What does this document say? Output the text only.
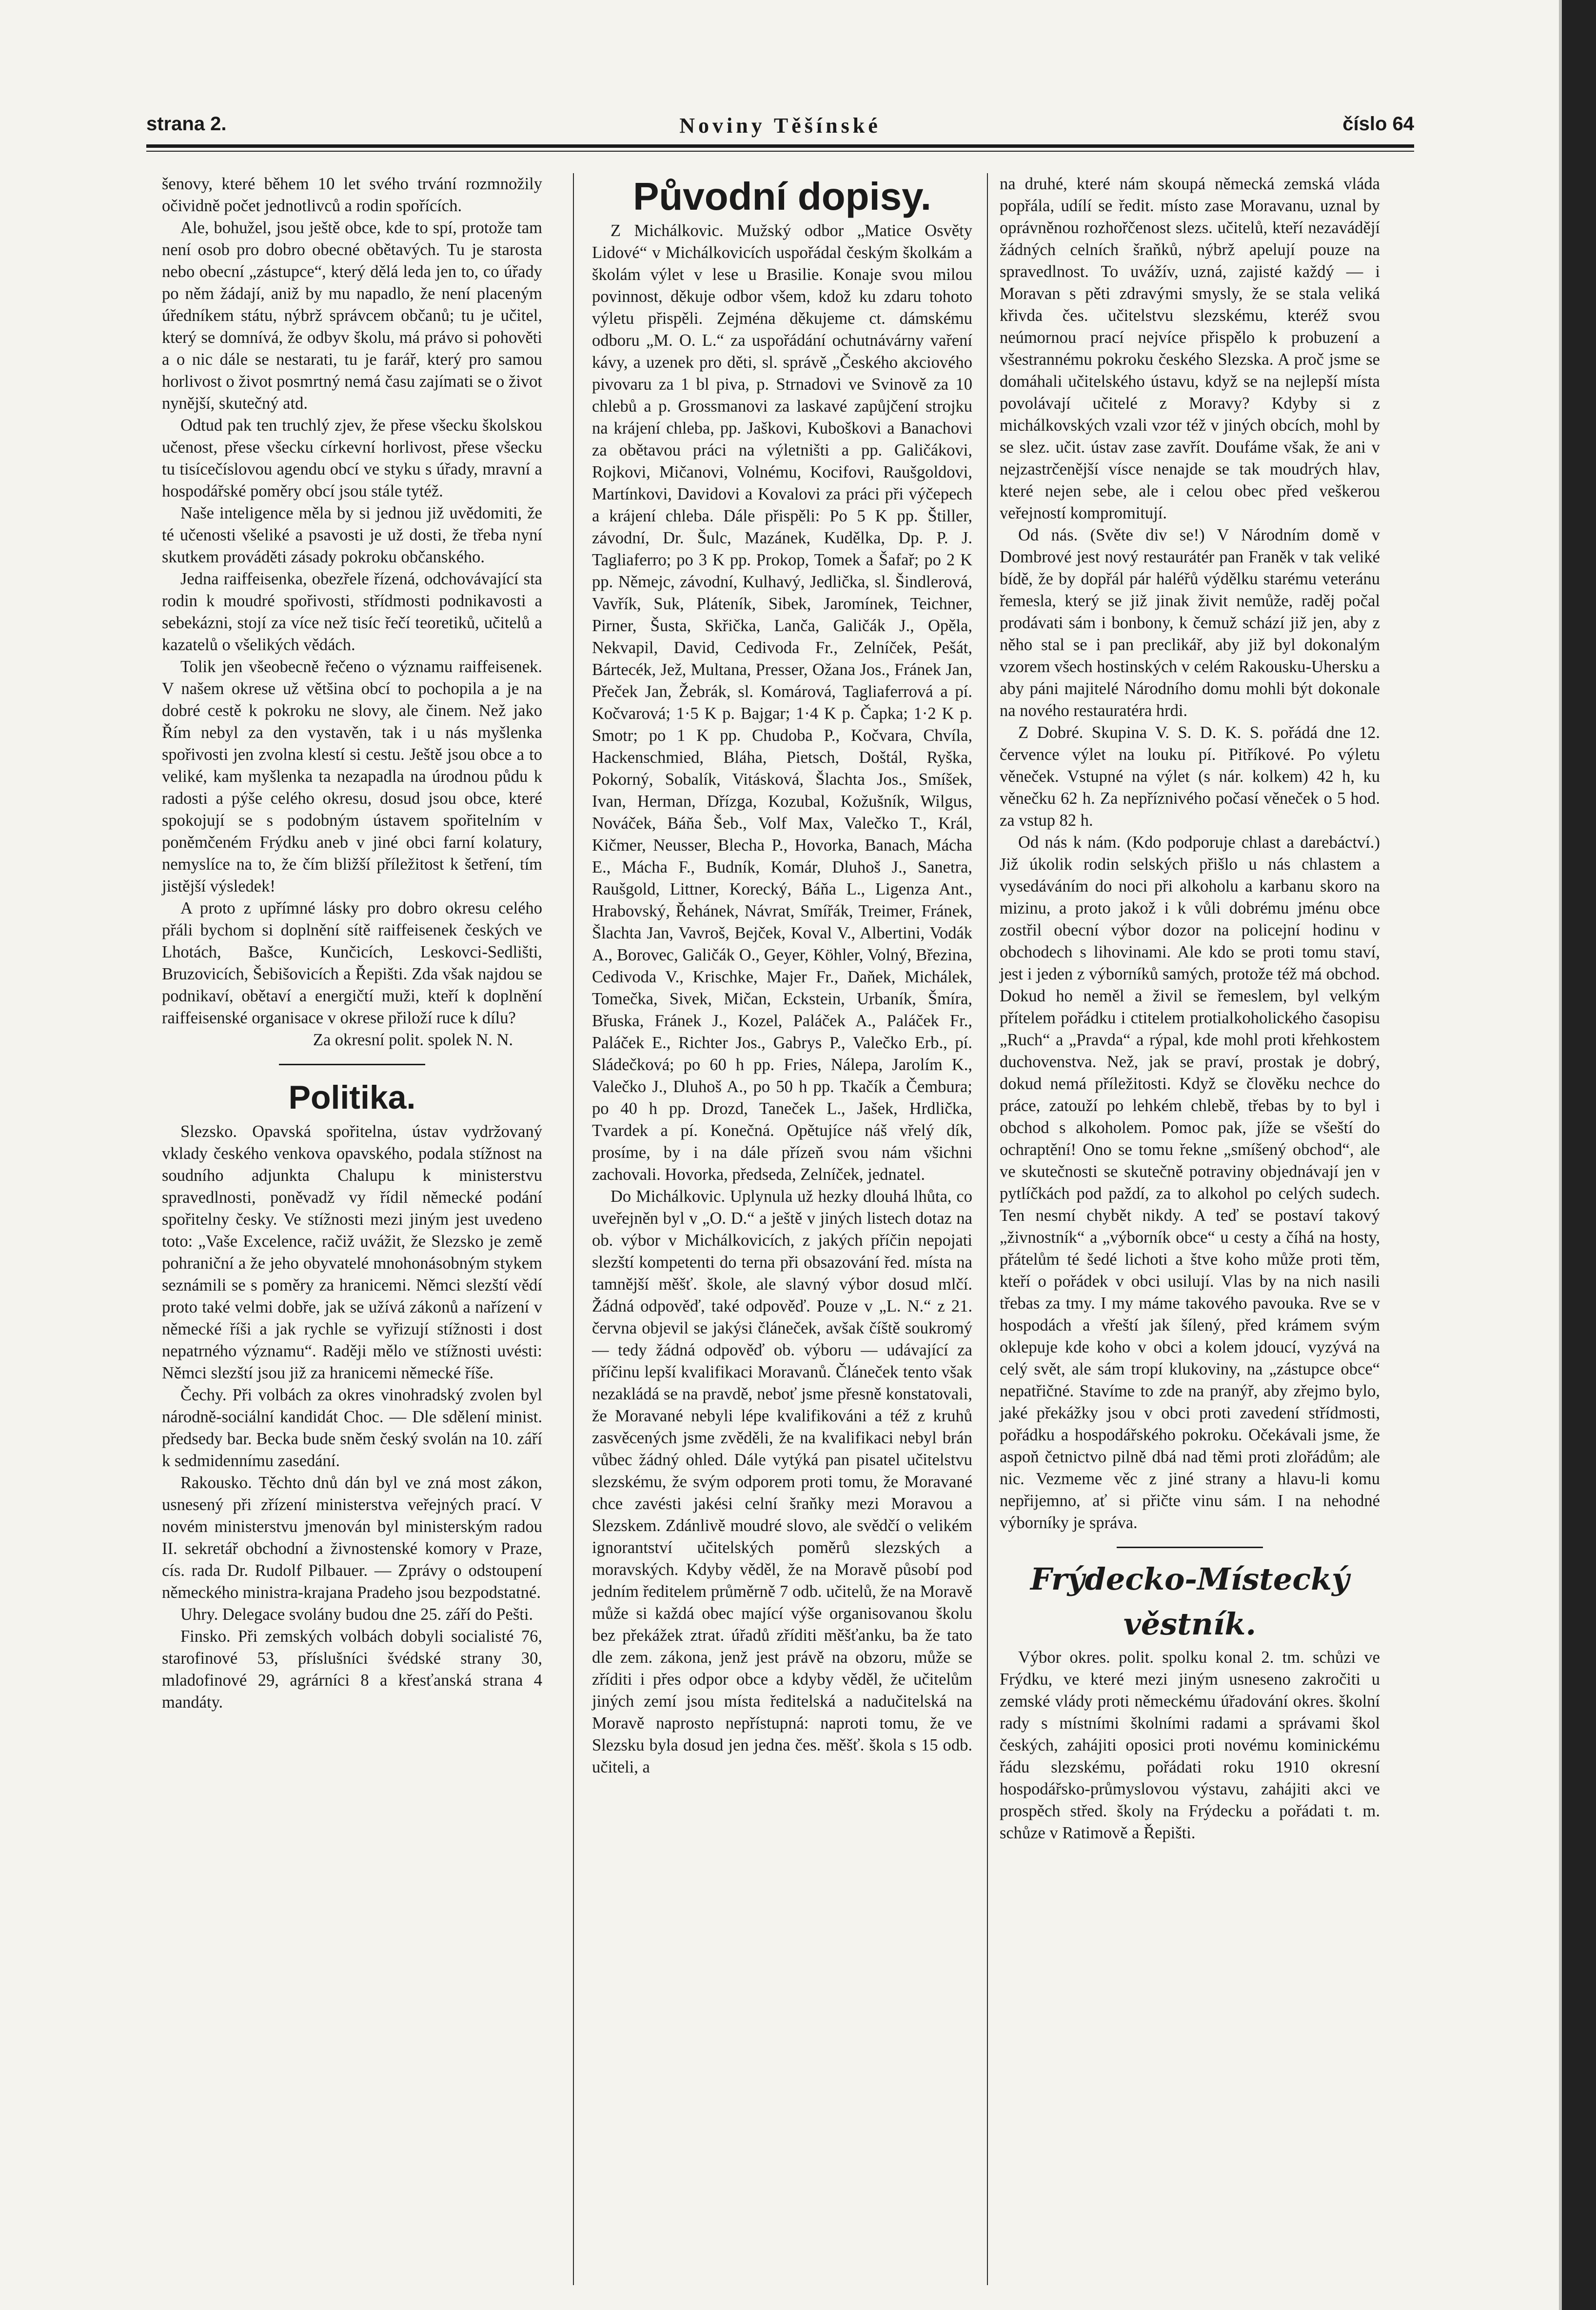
Noviny Těšínské
strana 2.	číslo 64

šenovy, které během 10 let svého trvání rozmnožily očividně počet jednotlivců a rodin spořících.

Ale, bohužel, jsou ještě obce, kde to spí, protože tam není osob pro dobro obecné obětavých. Tu je starosta nebo obecní „zástupce“, který dělá leda jen to, co úřady po něm žádají, aniž by mu napadlo, že není placeným úředníkem státu, nýbrž správcem občanů; tu je učitel, který se domnívá, že odbyv školu, má právo si pohověti a o nic dále se nestarati, tu je farář, který pro samou horlivost o život posmrtný nemá času zajímati se o život nynější, skutečný atd.

Odtud pak ten truchlý zjev, že přese všecku školskou učenost, přese všecku církevní horlivost, přese všecku tu tisícečíslovou agendu obcí ve styku s úřady, mravní a hospodářské poměry obcí jsou stále tytéž.

Naše inteligence měla by si jednou již uvědomiti, že té učenosti všeliké a psavosti je už dosti, že třeba nyní skutkem prováděti zásady pokroku občanského.

Jedna raiffeisenka, obezřele řízená, odchovávající sta rodin k moudré spořivosti, střídmosti podnikavosti a sebekázni, stojí za více než tisíc řečí teoretiků, učitelů a kazatelů o všelikých vědách.

Tolik jen všeobecně řečeno o významu raiffeisenek. V našem okrese už většina obcí to pochopila a je na dobré cestě k pokroku ne slovy, ale činem. Než jako Řím nebyl za den vystavěn, tak i u nás myšlenka spořivosti jen zvolna klestí si cestu. Ještě jsou obce a to veliké, kam myšlenka ta nezapadla na úrodnou půdu k radosti a pýše celého okresu, dosud jsou obce, které spokojují se s podobným ústavem spořitelním v poněmčeném Frýdku aneb v jiné obci farní kolatury, nemyslíce na to, že čím bližší příležitost k šetření, tím jistější výsledek!

A proto z upřímné lásky pro dobro okresu celého přáli bychom si doplnění sítě raiffeisenek českých ve Lhotách, Bašce, Kunčicích, Leskovci-Sedlišti, Bruzovicích, Šebišovicích a Řepišti. Zda však najdou se podnikaví, obětaví a energičtí muži, kteří k doplnění raiffeisenské organisace v okrese přiloží ruce k dílu?

Za okresní polit. spolek N. N.

Politika.

Slezsko. Opavská spořitelna, ústav vydržovaný vklady českého venkova opavského, podala stížnost na soudního adjunkta Chalupu k ministerstvu spravedlnosti, poněvadž vy řídil německé podání spořitelny česky. Ve stížnosti mezi jiným jest uvedeno toto: „Vaše Excelence, račiž uvážit, že Slezsko je země pohraniční a že jeho obyvatelé mnohonásobným stykem seznámili se s poměry za hranicemi. Němci slezští vědí proto také velmi dobře, jak se užívá zákonů a nařízení v německé říši a jak rychle se vyřizují stížnosti i dost nepatrného významu“. Raději mělo ve stížnosti uvésti: Němci slezští jsou již za hranicemi německé říše.

Čechy. Při volbách za okres vinohradský zvolen byl národně-sociální kandidát Choc. — Dle sdělení minist. předsedy bar. Becka bude sněm český svolán na 10. září k sedmidennímu zasedání.

Rakousko. Těchto dnů dán byl ve zná most zákon, usnesený při zřízení ministerstva veřejných prací. V novém ministerstvu jmenován byl ministerským radou II. sekretář obchodní a živnostenské komory v Praze, cís. rada Dr. Rudolf Pilbauer. — Zprávy o odstoupení německého ministra-krajana Pradeho jsou bezpodstatné.

Uhry. Delegace svolány budou dne 25. září do Pešti.

Finsko. Při zemských volbách dobyli socialisté 76, starofinové 53, příslušníci švédské strany 30, mladofinové 29, agrárníci 8 a křesťanská strana 4 mandáty.

Původní dopisy.

Z Michálkovic. Mužský odbor „Matice Osvěty Lidové“ v Michálkovicích uspořádal českým školkám a školám výlet v lese u Brasilie. Konaje svou milou povinnost, děkuje odbor všem, kdož ku zdaru tohoto výletu přispěli. Zejména děkujeme ct. dámskému odboru „M. O. L.“ za uspořádání ochutnávárny vaření kávy, a uzenek pro děti, sl. správě „Českého akciového pivovaru za 1 bl piva, p. Strnadovi ve Svinově za 10 chlebů a p. Grossmanovi za laskavé zapůjčení strojku na krájení chleba, pp. Jaškovi, Kuboškovi a Banachovi za obětavou práci na výletništi a pp. Galičákovi, Rojkovi, Mičanovi, Volnému, Kocifovi, Raušgoldovi, Martínkovi, Davidovi a Kovalovi za práci při výčepech a krájení chleba. Dále přispěli: Po 5 K pp. Štiller, závodní, Dr. Šulc, Mazánek, Kudělka, Dp. P. J. Tagliaferro; po 3 K pp. Prokop, Tomek a Šafař; po 2 K pp. Němejc, závodní, Kulhavý, Jedlička, sl. Šindlerová, Vavřík, Suk, Pláteník, Sibek, Jaromínek, Teichner, Pirner, Šusta, Skřička, Lanča, Galičák J., Opěla, Nekvapil, David, Cedivoda Fr., Zelníček, Pešát, Bártecék, Jež, Multana, Presser, Ožana Jos., Fránek Jan, Přeček Jan, Žebrák, sl. Komárová, Tagliaferrová a pí. Kočvarová; 1·5 K p. Bajgar; 1·4 K p. Čapka; 1·2 K p. Smotr; po 1 K pp. Chudoba P., Kočvara, Chvíla, Hackenschmied, Bláha, Pietsch, Doštál, Ryška, Pokorný, Sobalík, Vitásková, Šlachta Jos., Smíšek, Ivan, Herman, Dřízga, Kozubal, Kožušník, Wilgus, Nováček, Báňa Šeb., Volf Max, Valečko T., Král, Kičmer, Neusser, Blecha P., Hovorka, Banach, Mácha E., Mácha F., Budník, Komár, Dluhoš J., Sanetra, Raušgold, Littner, Korecký, Báňa L., Ligenza Ant., Hrabovský, Řehánek, Návrat, Smířák, Treimer, Fránek, Šlachta Jan, Vavroš, Bejček, Koval V., Albertini, Vodák A., Borovec, Galičák O., Geyer, Köhler, Volný, Březina, Cedivoda V., Krischke, Majer Fr., Daňek, Michálek, Tomečka, Sivek, Mičan, Eckstein, Urbaník, Šmíra, Břuska, Fránek J., Kozel, Paláček A., Paláček Fr., Paláček E., Richter Jos., Gabrys P., Valečko Erb., pí. Sládečková; po 60 h pp. Fries, Nálepa, Jarolím K., Valečko J., Dluhoš A., po 50 h pp. Tkačík a Čembura; po 40 h pp. Drozd, Taneček L., Jašek, Hrdlička, Tvardek a pí. Konečná. Opětujíce náš vřelý dík, prosíme, by i na dále přízeň svou nám všichni zachovali. Hovorka, předseda, Zelníček, jednatel.

Do Michálkovic. Uplynula už hezky dlouhá lhůta, co uveřejněn byl v „O. D.“ a ještě v jiných listech dotaz na ob. výbor v Michálkovicích, z jakých příčin nepojati slezští kompetenti do terna při obsazování řed. místa na tamnější měšť. škole, ale slavný výbor dosud mlčí. Žádná odpověď, také odpověď. Pouze v „L. N.“ z 21. června objevil se jakýsi článeček, avšak číště soukromý — tedy žádná odpověď ob. výboru — udávající za příčinu lepší kvalifikaci Moravanů. Článeček tento však nezakládá se na pravdě, neboť jsme přesně konstatovali, že Moravané nebyli lépe kvalifikováni a též z kruhů zasvěcených jsme zvěděli, že na kvalifikaci nebyl brán vůbec žádný ohled. Dále vytýká pan pisatel učitelstvu slezskému, že svým odporem proti tomu, že Moravané chce zavésti jakési celní šraňky mezi Moravou a Slezskem. Zdánlivě moudré slovo, ale svědčí o velikém ignorantství učitelských poměrů slezských a moravských. Kdyby věděl, že na Moravě působí pod jedním ředitelem průměrně 7 odb. učitelů, že na Moravě může si každá obec mající výše organisovanou školu bez překážek ztrat. úřadů zříditi měšťanku, ba že tato dle zem. zákona, jenž jest právě na obzoru, může se zříditi i přes odpor obce a kdyby věděl, že učitelům jiných zemí jsou místa ředitelská a nadučitelská na Moravě naprosto nepřístupná: naproti tomu, že ve Slezsku byla dosud jen jedna čes. měšť. škola s 15 odb. učiteli, a

na druhé, které nám skoupá německá zemská vláda popřála, udílí se ředit. místo zase Moravanu, uznal by oprávněnou rozhořčenost slezs. učitelů, kteří nezavádějí žádných celních šraňků, nýbrž apelují pouze na spravedlnost. To uvážív, uzná, zajisté každý — i Moravan s pěti zdravými smysly, že se stala veliká křivda čes. učitelstvu slezskému, kteréž svou neúmornou prací nejvíce přispělo k probuzení a všestrannému pokroku českého Slezska. A proč jsme se domáhali učitelského ústavu, když se na nejlepší místa povolávají učitelé z Moravy? Kdyby si z michálkovských vzali vzor též v jiných obcích, mohl by se slez. učit. ústav zase zavřít. Doufáme však, že ani v nejzastrčenější vísce nenajde se tak moudrých hlav, které nejen sebe, ale i celou obec před veškerou veřejností kompromitují.

Od nás. (Světe div se!) V Národním domě v Dombrové jest nový restaurátér pan Franěk v tak veliké bídě, že by dopřál pár haléřů výdělku starému veteránu řemesla, který se již jinak živit nemůže, raděj počal prodávati sám i bonbony, k čemuž schází již jen, aby z něho stal se i pan preclikář, aby již byl dokonalým vzorem všech hostinských v celém Rakousku-Uhersku a aby páni majitelé Národního domu mohli být dokonale na nového restauratéra hrdi.

Z Dobré. Skupina V. S. D. K. S. pořádá dne 12. července výlet na louku pí. Pitříkové. Po výletu věneček. Vstupné na výlet (s nár. kolkem) 42 h, ku věnečku 62 h. Za nepříznivého počasí věneček o 5 hod. za vstup 82 h.

Od nás k nám. (Kdo podporuje chlast a darebáctví.) Již úkolik rodin selských přišlo u nás chlastem a vysedáváním do noci při alkoholu a karbanu skoro na mizinu, a proto jakož i k vůli dobrému jménu obce zostřil obecní výbor dozor na policejní hodinu v obchodech s lihovinami. Ale kdo se proti tomu staví, jest i jeden z výborníků samých, protože též má obchod. Dokud ho neměl a živil se řemeslem, byl velkým přítelem pořádku i ctitelem protialkoholického časopisu „Ruch“ a „Pravda“ a rýpal, kde mohl proti křehkostem duchovenstva. Než, jak se praví, prostak je dobrý, dokud nemá příležitosti. Když se člověku nechce do práce, zatouží po lehkém chlebě, třebas by to byl i obchod s alkoholem. Pomoc pak, jíže se všeští do ochraptění! Ono se tomu řekne „smíšený obchod“, ale ve skutečnosti se skutečně potraviny objednávají jen v pytlíčkách pod paždí, za to alkohol po celých sudech. Ten nesmí chybět nikdy. A teď se postaví takový „živnostník“ a „výborník obce“ u cesty a číhá na hosty, přátelům té šedé lichoti a štve koho může proti těm, kteří o pořádek v obci usilují. Vlas by na nich nasili třebas za tmy. I my máme takového pavouka. Rve se v hospodách a vřeští jak šílený, před krámem svým oklepuje kde koho v obci a kolem jdoucí, vyzývá na celý svět, ale sám tropí klukoviny, na „zástupce obce“ nepatřičné. Stavíme to zde na pranýř, aby zřejmo bylo, jaké překážky jsou v obci proti zavedení střídmosti, pořádku a hospodářského pokroku. Očekávali jsme, že aspoň četnictvo pilně dbá nad těmi proti zlořádům; ale nic. Vezmeme věc z jiné strany a hlavu-li komu nepřijemno, ať si přičte vinu sám. I na nehodné výborníky je správa.

Frýdecko-Místecký věstník.

Výbor okres. polit. spolku konal 2. tm. schůzi ve Frýdku, ve které mezi jiným usneseno zakročiti u zemské vlády proti německému úřadování okres. školní rady s místními školními radami a správami škol českých, zahájiti oposici proti novému kominickému řádu slezskému, pořádati roku 1910 okresní hospodářsko-průmyslovou výstavu, zahájiti akci ve prospěch střed. školy na Frýdecku a pořádati t. m. schůze v Ratimově a Řepišti.
